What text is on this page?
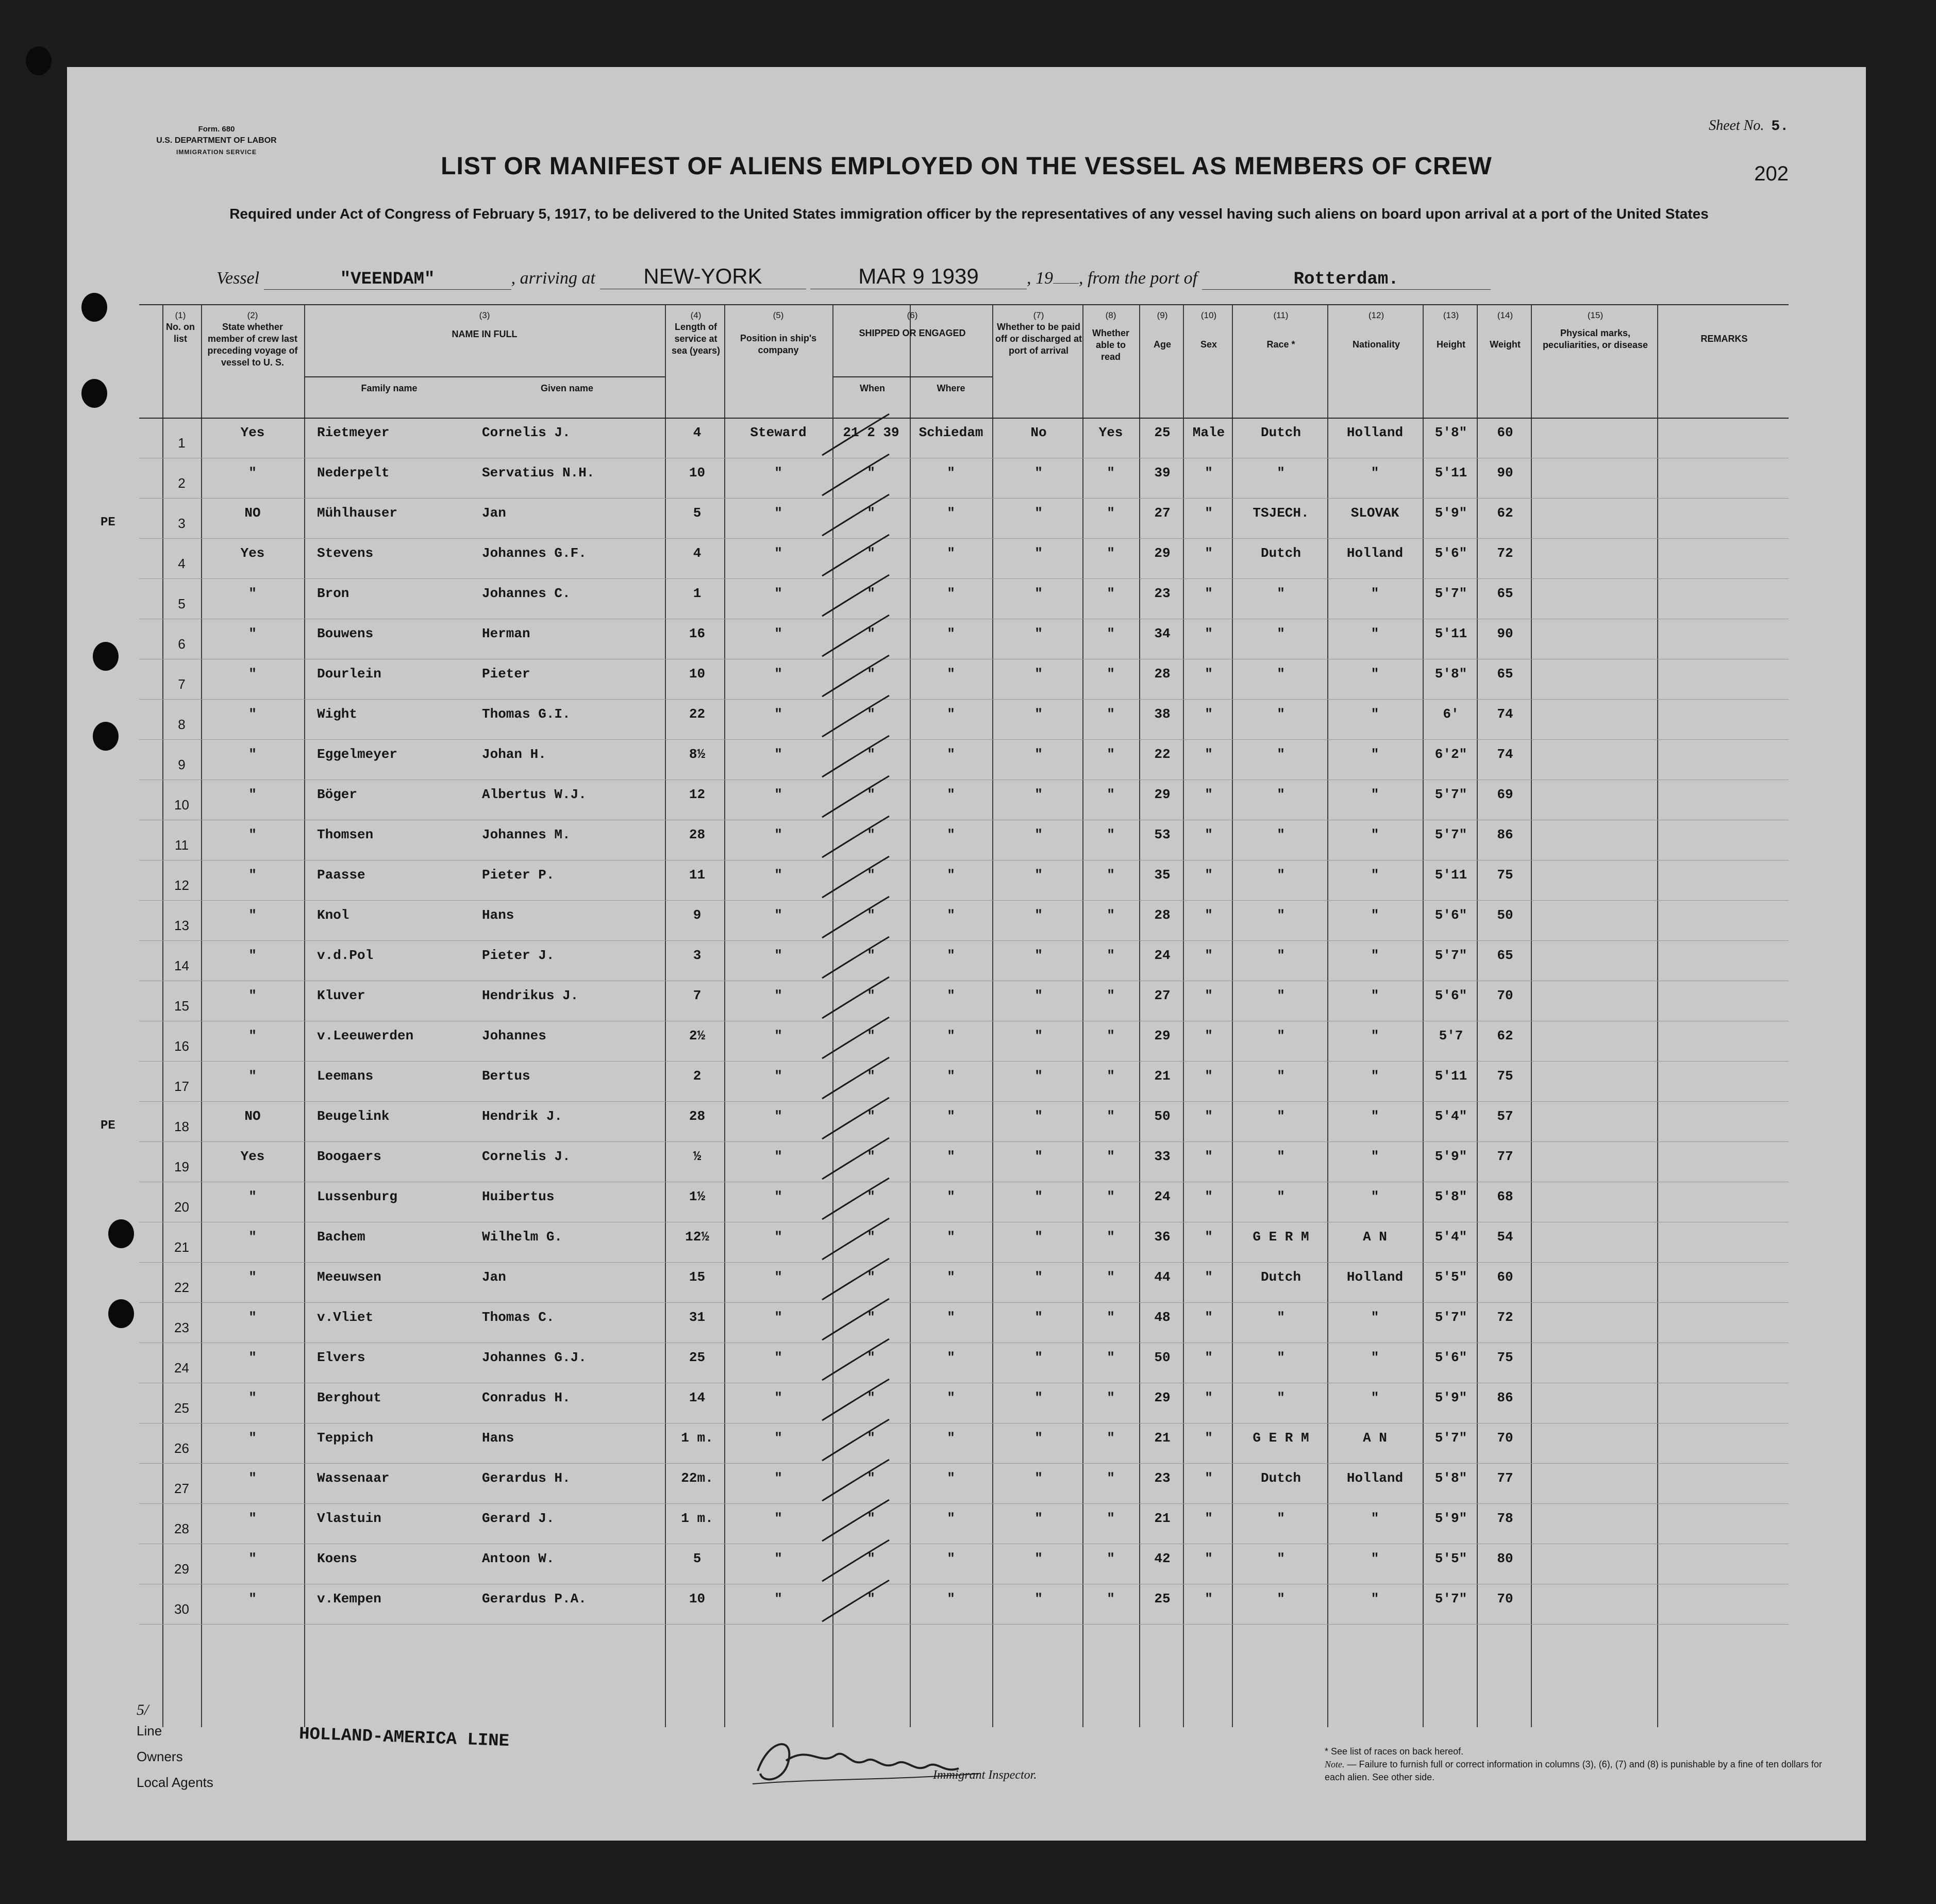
Form. 680
U.S. DEPARTMENT OF LABOR
IMMIGRATION SERVICE
Sheet No. 5.
202
LIST OR MANIFEST OF ALIENS EMPLOYED ON THE VESSEL AS MEMBERS OF CREW
Required under Act of Congress of February 5, 1917, to be delivered to the United States immigration officer by the representatives of any vessel having such aliens on board upon arrival at a port of the United States
Vessel	"VEENDAM"	, arriving at NEW-YORK	MAR 9 1939	, 19 , from the port of	Rotterdam.
(1)
No. on list
(2)
State whether member of crew last preceding voyage of vessel to U. S.
(3)
NAME IN FULL
Family name	Given name
(4)
Length of service at sea (years)
(5)
Position in ship's company
(6)
SHIPPED OR ENGAGED
When	Where
(7)
Whether to be paid off or discharged at port of arrival
(8)
Whether able to read
(9)
Age
(10)
Sex
(11)
Race *
(12)
Nationality
(13)
Height
(14)
Weight
(15)
Physical marks, peculiarities, or disease
REMARKS
1
Yes	Rietmeyer	Cornelis J.	4	Steward	21 2 39	Schiedam	No	Yes	25	Male	Dutch	Holland	5'8"	60
2
"	Nederpelt	Servatius N.H.	10	"	"	"	"	"	39	"	"	"	5'11	90
3
NO	Mühlhauser	Jan	5	"	"	"	"	"	27	"	TSJECH.	SLOVAK	5'9"	62
PE
4
Yes	Stevens	Johannes G.F.	4	"	"	"	"	"	29	"	Dutch	Holland	5'6"	72
5
"	Bron	Johannes C.	1	"	"	"	"	"	23	"	"	"	5'7"	65
6
"	Bouwens	Herman	16	"	"	"	"	"	34	"	"	"	5'11	90
7
"	Dourlein	Pieter	10	"	"	"	"	"	28	"	"	"	5'8"	65
8
"	Wight	Thomas G.I.	22	"	"	"	"	"	38	"	"	"	6'	74
9
"	Eggelmeyer	Johan H.	8½	"	"	"	"	"	22	"	"	"	6'2"	74
10
"	Böger	Albertus W.J.	12	"	"	"	"	"	29	"	"	"	5'7"	69
11
"	Thomsen	Johannes M.	28	"	"	"	"	"	53	"	"	"	5'7"	86
12
"	Paasse	Pieter P.	11	"	"	"	"	"	35	"	"	"	5'11	75
13
"	Knol	Hans	9	"	"	"	"	"	28	"	"	"	5'6"	50
14
"	v.d.Pol	Pieter J.	3	"	"	"	"	"	24	"	"	"	5'7"	65
15
"	Kluver	Hendrikus J.	7	"	"	"	"	"	27	"	"	"	5'6"	70
16
"	v.Leeuwerden	Johannes	2½	"	"	"	"	"	29	"	"	"	5'7	62
17
"	Leemans	Bertus	2	"	"	"	"	"	21	"	"	"	5'11	75
18
NO	Beugelink	Hendrik J.	28	"	"	"	"	"	50	"	"	"	5'4"	57
PE
19
Yes	Boogaers	Cornelis J.	½	"	"	"	"	"	33	"	"	"	5'9"	77
20
"	Lussenburg	Huibertus	1½	"	"	"	"	"	24	"	"	"	5'8"	68
21
"	Bachem	Wilhelm G.	12½	"	"	"	"	"	36	"	G E R M	A N	5'4"	54
22
"	Meeuwsen	Jan	15	"	"	"	"	"	44	"	Dutch	Holland	5'5"	60
23
"	v.Vliet	Thomas C.	31	"	"	"	"	"	48	"	"	"	5'7"	72
24
"	Elvers	Johannes G.J.	25	"	"	"	"	"	50	"	"	"	5'6"	75
25
"	Berghout	Conradus H.	14	"	"	"	"	"	29	"	"	"	5'9"	86
26
"	Teppich	Hans	1 m.	"	"	"	"	"	21	"	G E R M	A N	5'7"	70
27
"	Wassenaar	Gerardus H.	22m.	"	"	"	"	"	23	"	Dutch	Holland	5'8"	77
28
"	Vlastuin	Gerard J.	1 m.	"	"	"	"	"	21	"	"	"	5'9"	78
29
"	Koens	Antoon W.	5	"	"	"	"	"	42	"	"	"	5'5"	80
30
"	v.Kempen	Gerardus P.A.	10	"	"	"	"	"	25	"	"	"	5'7"	70
5/
Line
Owners
HOLLAND-AMERICA LINE
Local Agents	Immigrant Inspector.
* See list of races on back hereof.
Note. — Failure to furnish full or correct information in columns (3), (6), (7) and (8) is punishable by a fine of ten dollars for each alien. See other side.
